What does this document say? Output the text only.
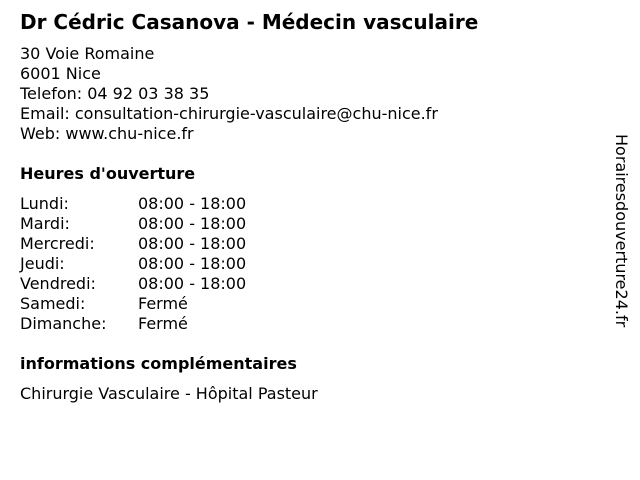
Dr Cédric Casanova - Médecin vasculaire
30 Voie Romaine
6001 Nice
Telefon: 04 92 03 38 35
Email: consultation-chirurgie-vasculaire@chu-nice.fr
Web: www.chu-nice.fr
Heures d'ouverture
Lundi:	08:00 - 18:00
Mardi:	08:00 - 18:00
Mercredi:	08:00 - 18:00
Jeudi:	08:00 - 18:00
Vendredi:	08:00 - 18:00
Samedi:	Fermé
Dimanche:	Fermé
informations complémentaires
Chirurgie Vasculaire - Hôpital Pasteur
Horairesdouverture24.fr
